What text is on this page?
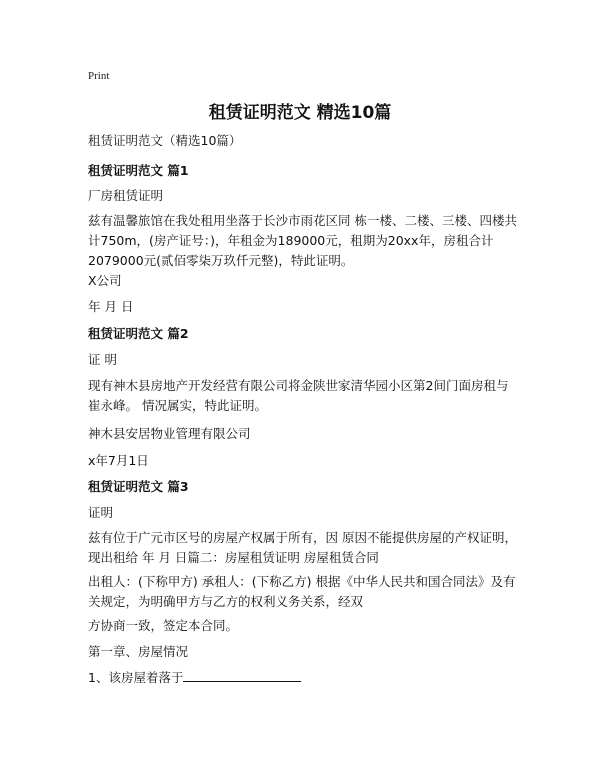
Print
租赁证明范文 精选10篇
租赁证明范文（精选10篇）
租赁证明范文 篇1
厂房租赁证明
兹有温馨旅馆在我处租用坐落于长沙市雨花区同 栋一楼、二楼、三楼、四楼共计750m，(房产证号：)，年租金为189000元，租期为20xx年，房租合计2079000元(贰佰零柒万玖仟元整)，特此证明。
X公司
年 月 日
租赁证明范文 篇2
证 明
现有神木县房地产开发经营有限公司将金陕世家清华园小区第2间门面房租与崔永峰。 情况属实，特此证明。
神木县安居物业管理有限公司
x年7月1日
租赁证明范文 篇3
证明
兹有位于广元市区号的房屋产权属于所有，因 原因不能提供房屋的产权证明，现出租给 年 月 日篇二：房屋租赁证明 房屋租赁合同
出租人：(下称甲方) 承租人：(下称乙方) 根据《中华人民共和国合同法》及有关规定，为明确甲方与乙方的权利义务关系，经双
方协商一致，签定本合同。
第一章、房屋情况
1、该房屋着落于
